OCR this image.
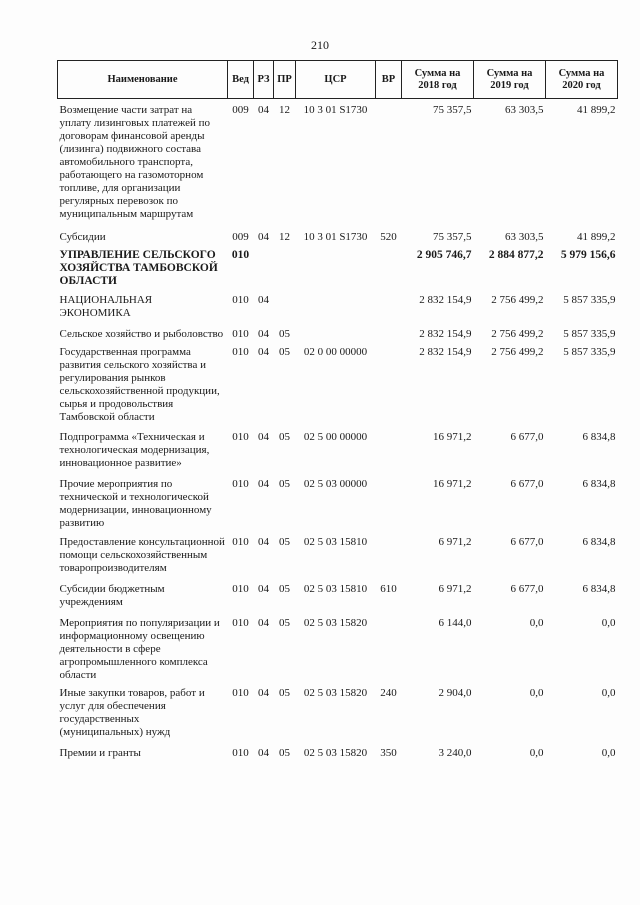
210
Наименование	Вед	РЗ	ПР	ЦСР	ВР	Сумма на 2018 год	Сумма на 2019 год	Сумма на 2020 год
Возмещение части затрат на уплату лизинговых платежей по договорам финансовой аренды (лизинга) подвижного состава автомобильного транспорта, работающего на газомоторном топливе, для организации регулярных перевозок по муниципальным маршрутам	009	04	12	10 3 01 S1730		75 357,5	63 303,5	41 899,2
Субсидии	009	04	12	10 3 01 S1730	520	75 357,5	63 303,5	41 899,2
УПРАВЛЕНИЕ СЕЛЬСКОГО ХОЗЯЙСТВА ТАМБОВСКОЙ ОБЛАСТИ	010					2 905 746,7	2 884 877,2	5 979 156,6
НАЦИОНАЛЬНАЯ ЭКОНОМИКА	010	04				2 832 154,9	2 756 499,2	5 857 335,9
Сельское хозяйство и рыболовство	010	04	05			2 832 154,9	2 756 499,2	5 857 335,9
Государственная программа развития сельского хозяйства и регулирования рынков сельскохозяйственной продукции, сырья и продовольствия Тамбовской области	010	04	05	02 0 00 00000		2 832 154,9	2 756 499,2	5 857 335,9
Подпрограмма «Техническая и технологическая модернизация, инновационное развитие»	010	04	05	02 5 00 00000		16 971,2	6 677,0	6 834,8
Прочие мероприятия по технической и технологической модернизации, инновационному развитию	010	04	05	02 5 03 00000		16 971,2	6 677,0	6 834,8
Предоставление консультационной помощи сельскохозяйственным товаропроизводителям	010	04	05	02 5 03 15810		6 971,2	6 677,0	6 834,8
Субсидии бюджетным учреждениям	010	04	05	02 5 03 15810	610	6 971,2	6 677,0	6 834,8
Мероприятия по популяризации и информационному освещению деятельности в сфере агропромышленного комплекса области	010	04	05	02 5 03 15820		6 144,0	0,0	0,0
Иные закупки товаров, работ и услуг для обеспечения государственных (муниципальных) нужд	010	04	05	02 5 03 15820	240	2 904,0	0,0	0,0
Премии и гранты	010	04	05	02 5 03 15820	350	3 240,0	0,0	0,0
